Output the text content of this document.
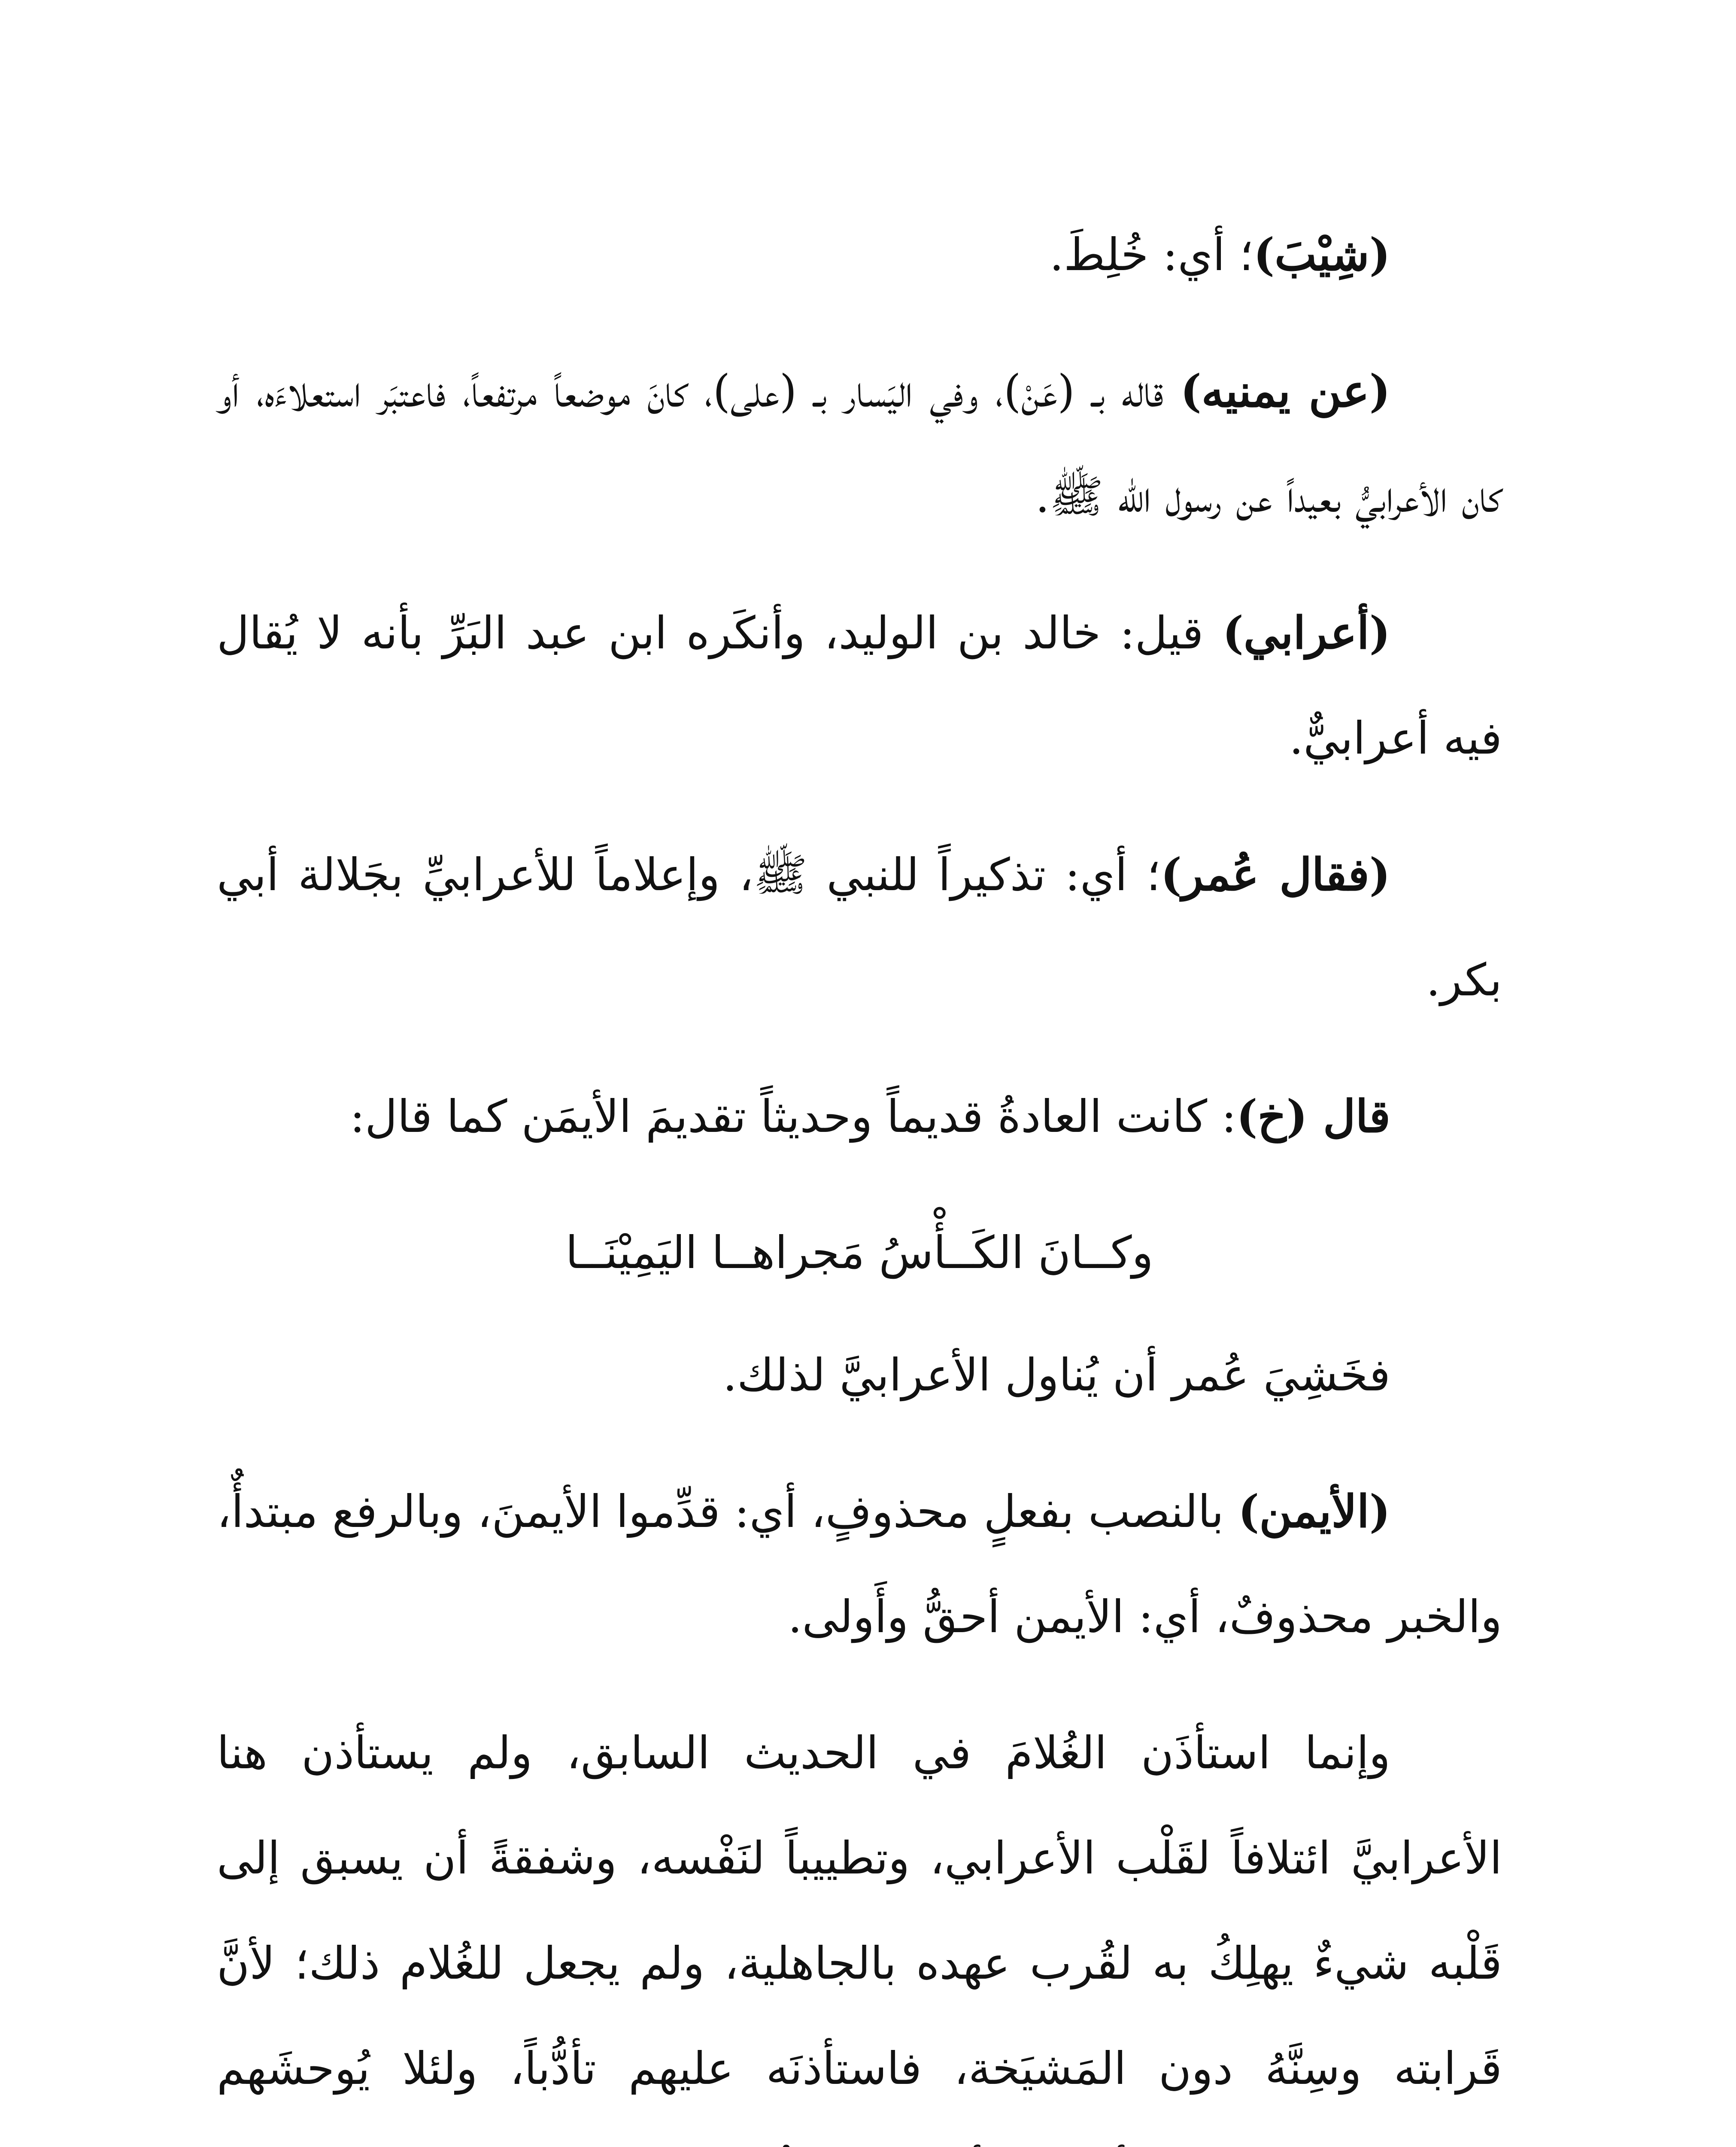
(شِيْبَ)؛ أي: خُلِطَ.

(عن يمنيه) قاله بـ (عَنْ)، وفي اليَسار بـ (على)، كانَ موضعاً مرتفعاً، فاعتبَر استعلاءَه، أو كان الأعرابيُّ بعيداً عن رسول الله ﷺ.

(أعرابي) قيل: خالد بن الوليد، وأنكَره ابن عبد البَرِّ بأنه لا يُقال فيه أعرابيٌّ.

(فقال عُمر)؛ أي: تذكيراً للنبي ﷺ، وإعلاماً للأعرابيِّ بجَلالة أبي بكر.

قال (خ): كانت العادةُ قديماً وحديثاً تقديمَ الأيمَن كما قال:

وكــانَ الكَــأْسُ مَجراهــا اليَمِيْنَــا

فخَشِيَ عُمر أن يُناول الأعرابيَّ لذلك.

(الأيمن) بالنصب بفعلٍ محذوفٍ، أي: قدِّموا الأيمنَ، وبالرفع مبتدأٌ، والخبر محذوفٌ، أي: الأيمن أحقُّ وأَولى.

وإنما استأذَن الغُلامَ في الحديث السابق، ولم يستأذن هنا الأعرابيَّ ائتلافاً لقَلْب الأعرابي، وتطييباً لنَفْسه، وشفقةً أن يسبق إلى قَلْبه شيءٌ يهلِكُ به لقُرب عهده بالجاهلية، ولم يجعل للغُلام ذلك؛ لأنَّ قَرابته وسِنَّهُ دون المَشيَخة، فاستأذنَه عليهم تأدُّباً، ولئلا يُوحشَهم
